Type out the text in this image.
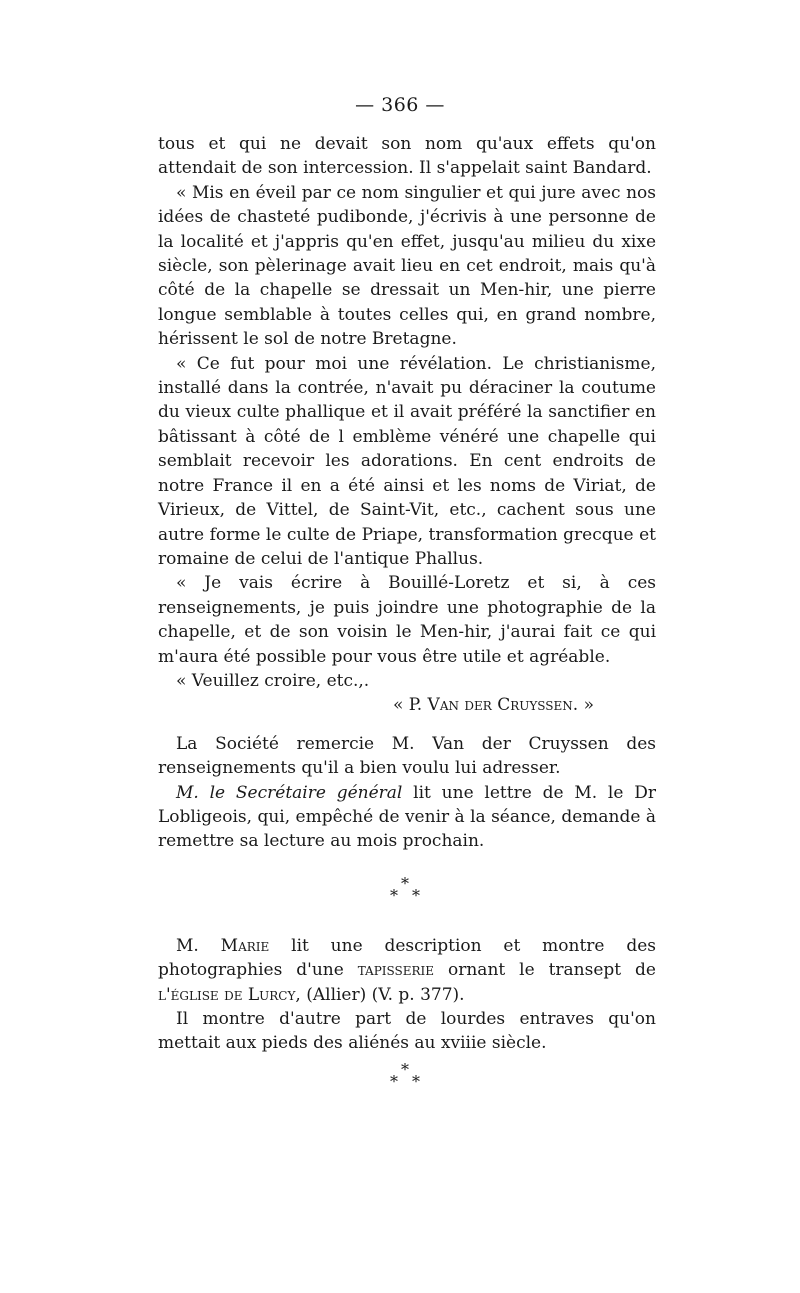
— 366 —

tous et qui ne devait son nom qu'aux effets qu'on attendait de son intercession. Il s'appelait saint Bandard.

« Mis en éveil par ce nom singulier et qui jure avec nos idées de chasteté pudibonde, j'écrivis à une personne de la localité et j'appris qu'en effet, jusqu'au milieu du xixe siècle, son pèlerinage avait lieu en cet endroit, mais qu'à côté de la chapelle se dressait un Men-hir, une pierre longue semblable à toutes celles qui, en grand nombre, hérissent le sol de notre Bretagne.

« Ce fut pour moi une révélation. Le christianisme, installé dans la contrée, n'avait pu déraciner la coutume du vieux culte phallique et il avait préféré la sanctifier en bâtissant à côté de l emblème vénéré une chapelle qui semblait recevoir les adorations. En cent endroits de notre France il en a été ainsi et les noms de Viriat, de Virieux, de Vittel, de Saint-Vit, etc., cachent sous une autre forme le culte de Priape, transformation grecque et romaine de celui de l'antique Phallus.

« Je vais écrire à Bouillé-Loretz et si, à ces renseignements, je puis joindre une photographie de la chapelle, et de son voisin le Men-hir, j'aurai fait ce qui m'aura été possible pour vous être utile et agréable.

« Veuillez croire, etc.,.

« P. Van der Cruyssen. »

La Société remercie M. Van der Cruyssen des renseignements qu'il a bien voulu lui adresser.

M. le Secrétaire général lit une lettre de M. le Dr Lobligeois, qui, empêché de venir à la séance, demande à remettre sa lecture au mois prochain.

*
* *

M. Marie lit une description et montre des photographies d'une tapisserie ornant le transept de l'église de Lurcy, (Allier) (V. p. 377).

Il montre d'autre part de lourdes entraves qu'on mettait aux pieds des aliénés au xviiie siècle.

*
* *
